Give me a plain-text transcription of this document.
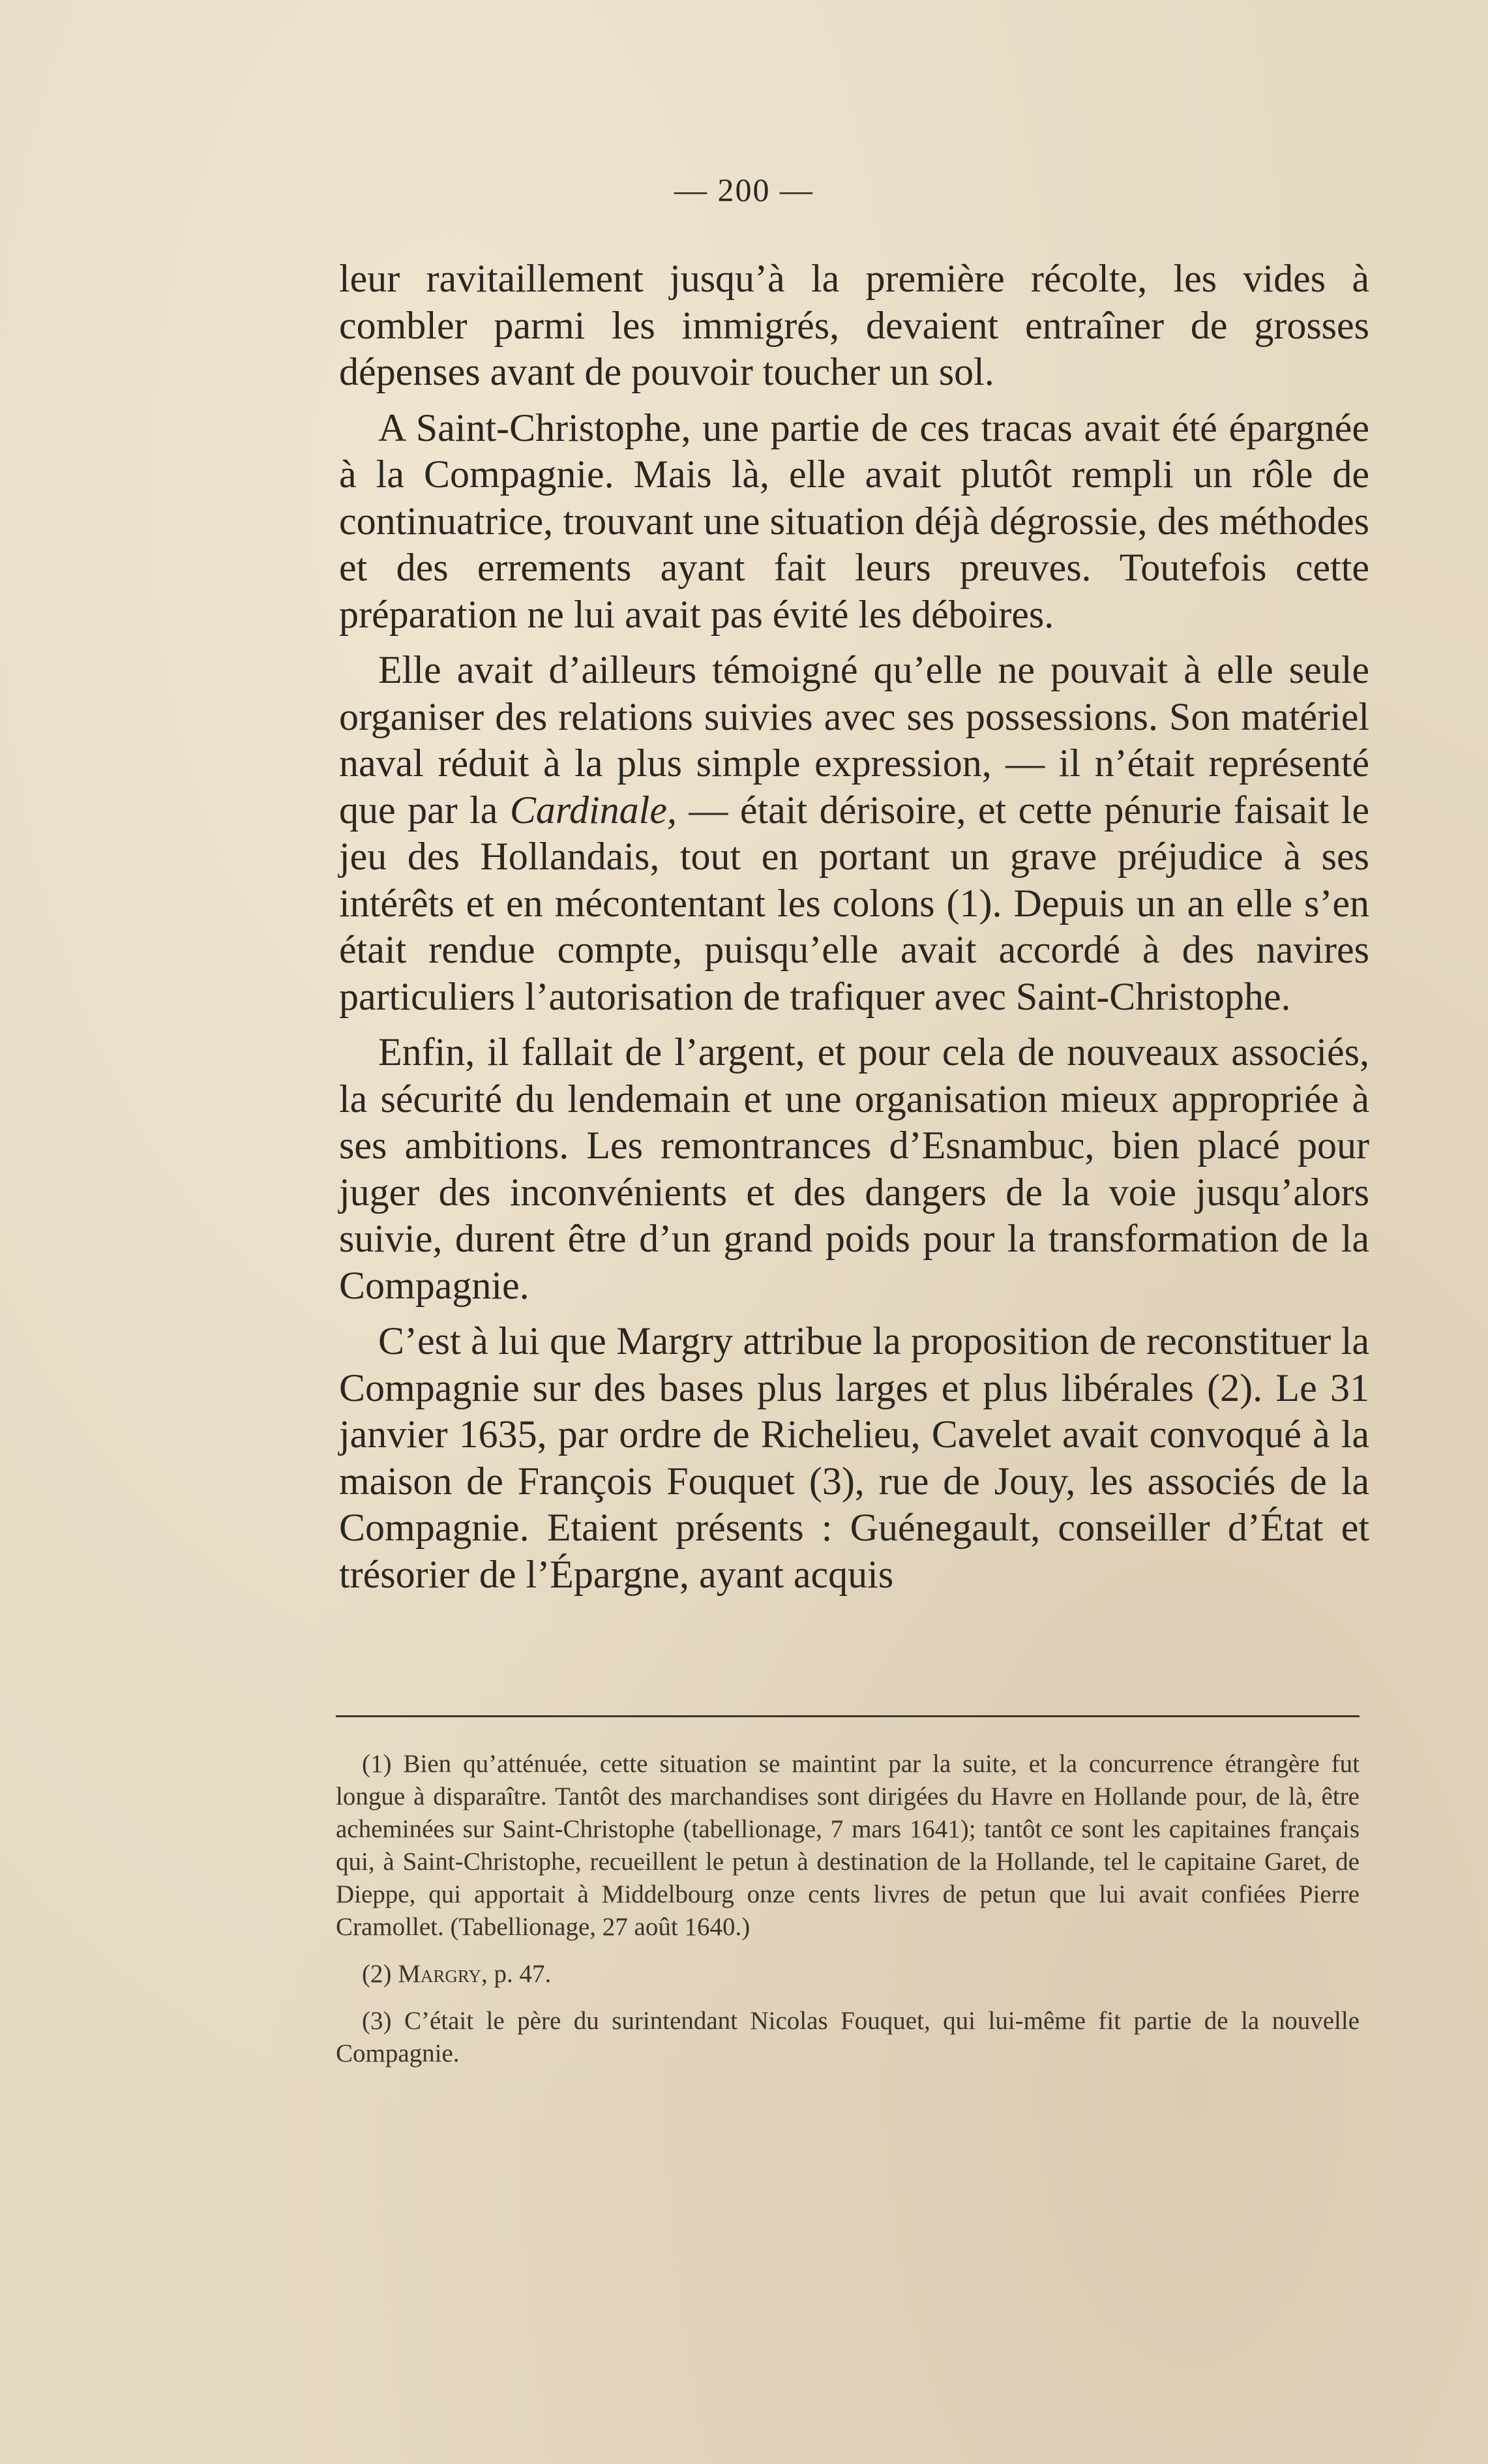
— 200 —

leur ravitaillement jusqu’à la première récolte, les vides à combler parmi les immigrés, devaient entraîner de grosses dépenses avant de pouvoir toucher un sol.

A Saint-Christophe, une partie de ces tracas avait été épargnée à la Compagnie. Mais là, elle avait plutôt rempli un rôle de continuatrice, trouvant une situation déjà dégrossie, des méthodes et des errements ayant fait leurs preuves. Toutefois cette préparation ne lui avait pas évité les déboires.

Elle avait d’ailleurs témoigné qu’elle ne pouvait à elle seule organiser des relations suivies avec ses possessions. Son matériel naval réduit à la plus simple expression, — il n’était représenté que par la Cardinale, — était dérisoire, et cette pénurie faisait le jeu des Hollandais, tout en portant un grave préjudice à ses intérêts et en mécontentant les colons (1). Depuis un an elle s’en était rendue compte, puisqu’elle avait accordé à des navires particuliers l’autorisation de trafiquer avec Saint-Christophe.

Enfin, il fallait de l’argent, et pour cela de nouveaux associés, la sécurité du lendemain et une organisation mieux appropriée à ses ambitions. Les remontrances d’Esnambuc, bien placé pour juger des inconvénients et des dangers de la voie jusqu’alors suivie, durent être d’un grand poids pour la transformation de la Compagnie.

C’est à lui que Margry attribue la proposition de reconstituer la Compagnie sur des bases plus larges et plus libérales (2). Le 31 janvier 1635, par ordre de Richelieu, Cavelet avait convoqué à la maison de François Fouquet (3), rue de Jouy, les associés de la Compagnie. Etaient présents : Guénegault, conseiller d’État et trésorier de l’Épargne, ayant acquis

(1) Bien qu’atténuée, cette situation se maintint par la suite, et la concurrence étrangère fut longue à disparaître. Tantôt des marchandises sont dirigées du Havre en Hollande pour, de là, être acheminées sur Saint-Christophe (tabellionage, 7 mars 1641); tantôt ce sont les capitaines français qui, à Saint-Christophe, recueillent le petun à destination de la Hollande, tel le capitaine Garet, de Dieppe, qui apportait à Middelbourg onze cents livres de petun que lui avait confiées Pierre Cramollet. (Tabellionage, 27 août 1640.)

(2) Margry, p. 47.

(3) C’était le père du surintendant Nicolas Fouquet, qui lui-même fit partie de la nouvelle Compagnie.
